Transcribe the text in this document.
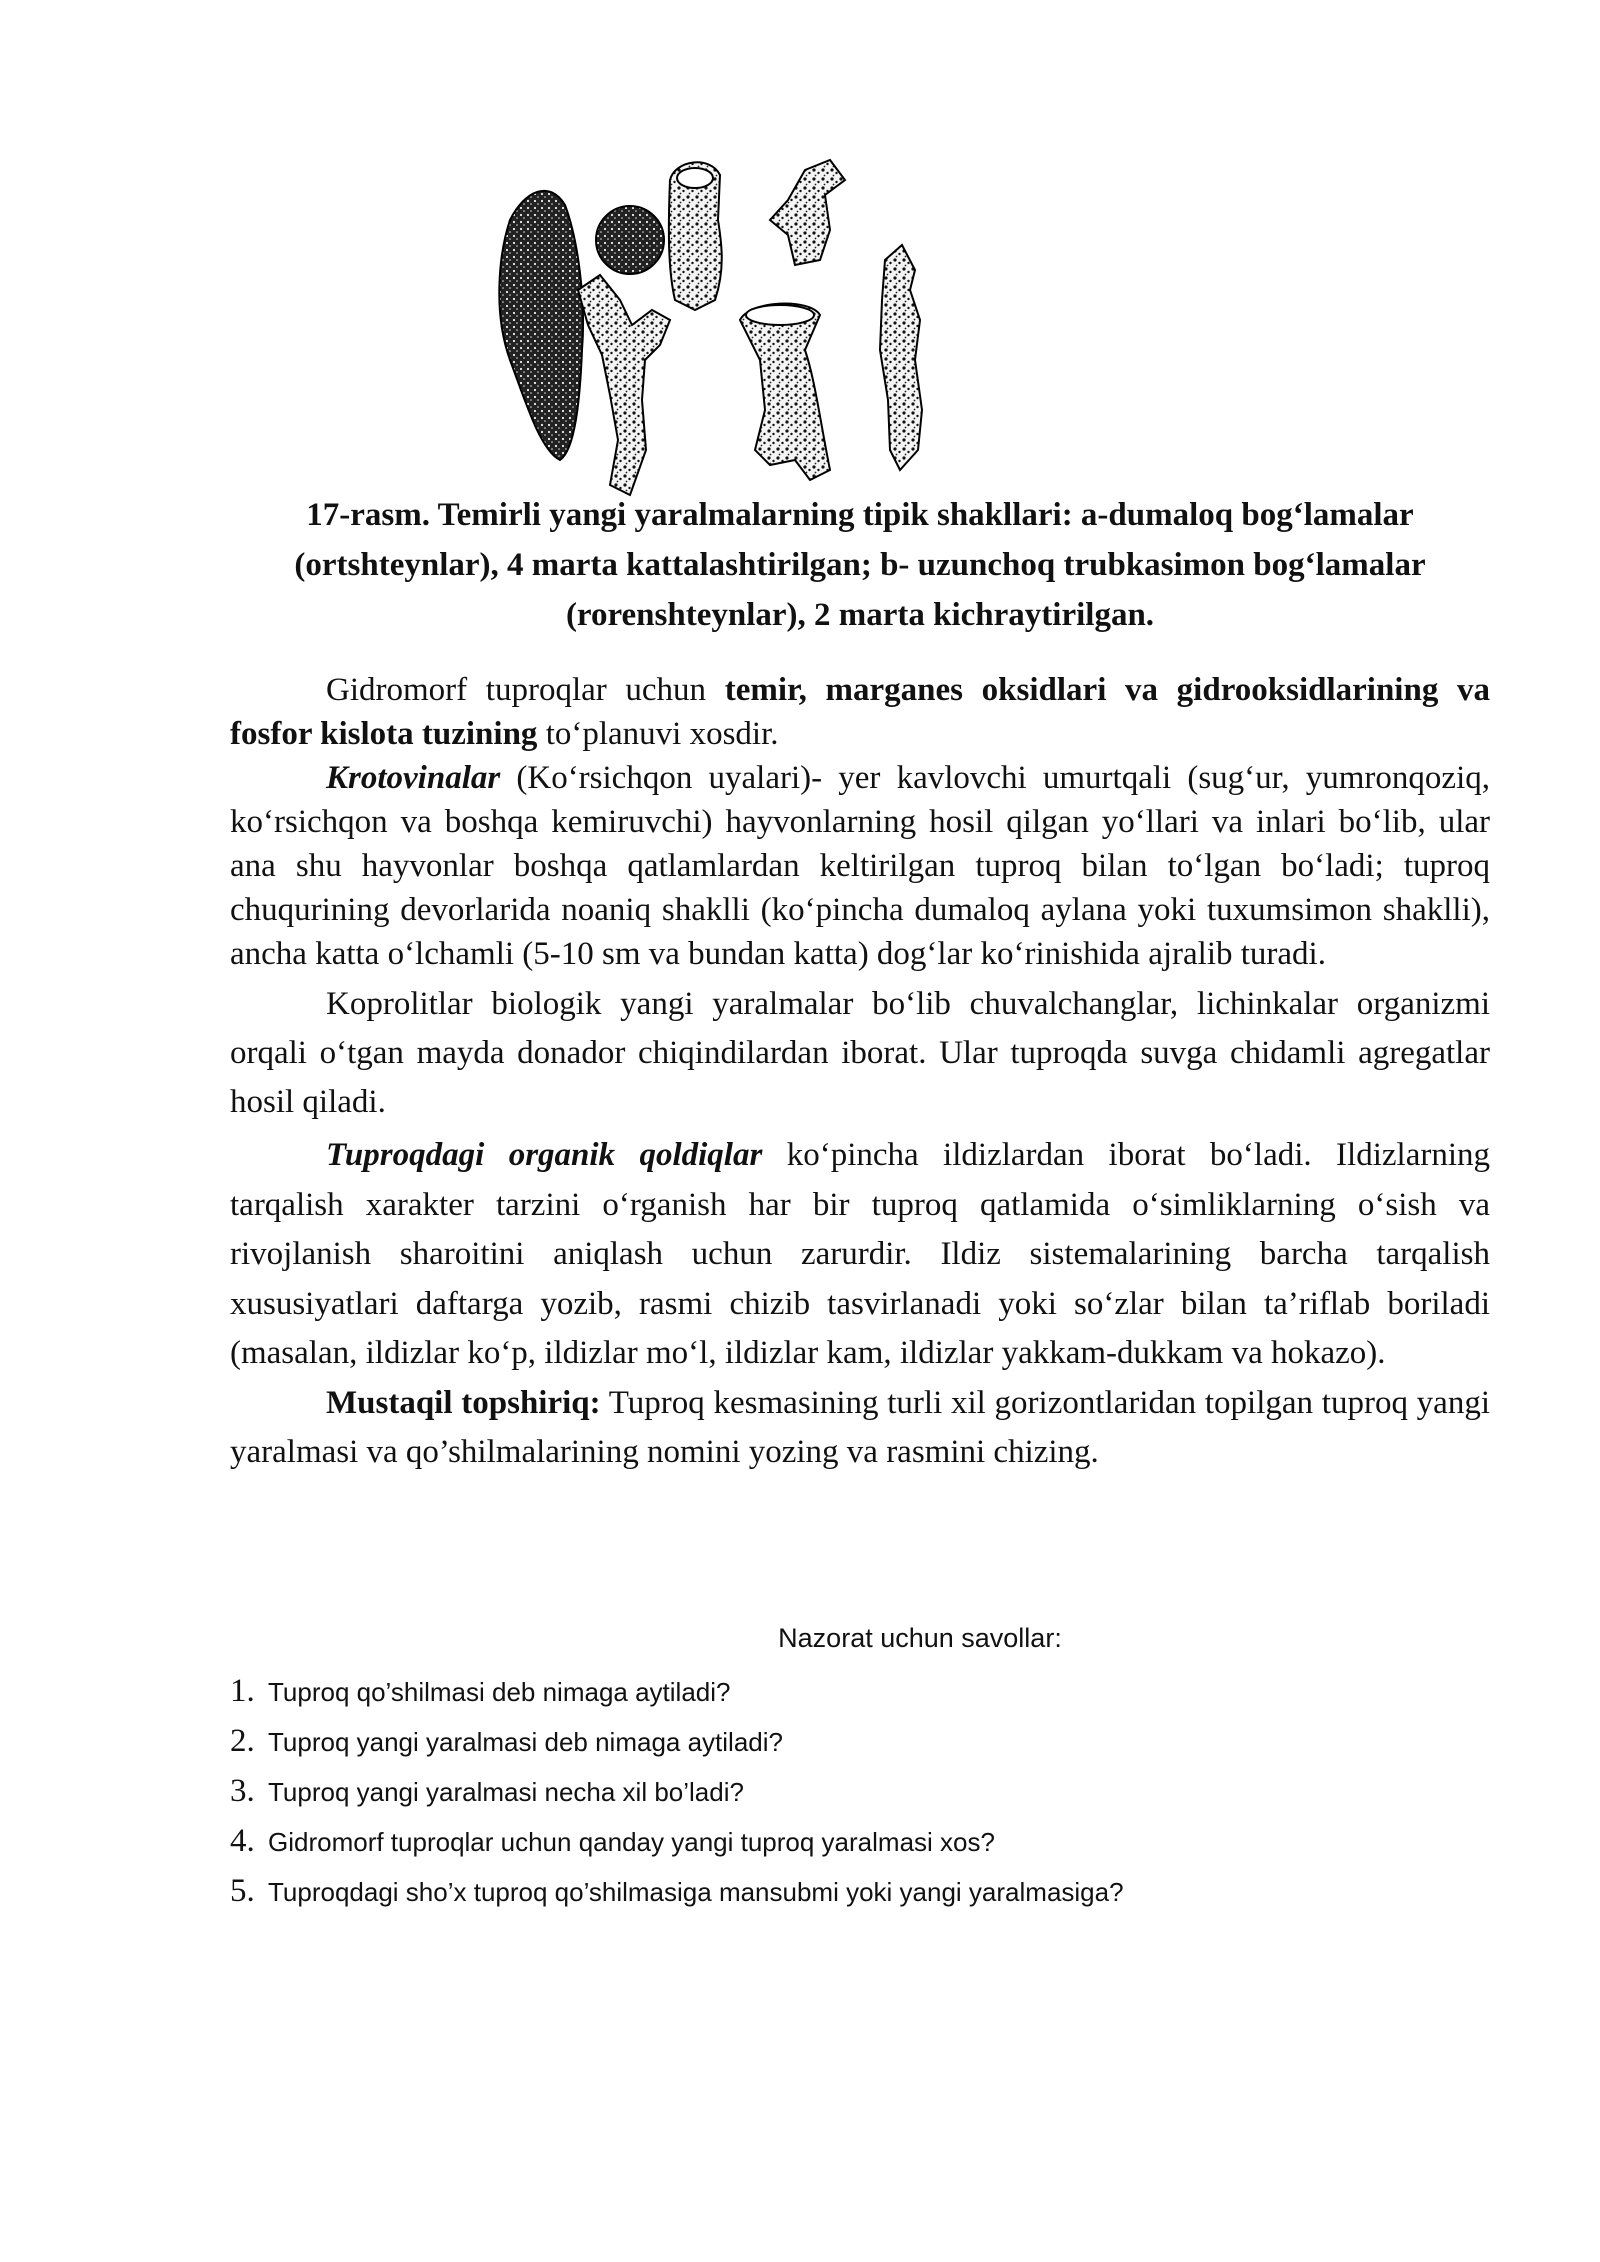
17-rasm. Temirli yangi yaralmalarning tipik shakllari: a-dumaloq bog‘lamalar (ortshteynlar), 4 marta kattalashtirilgan; b- uzunchoq trubkasimon bog‘lamalar (rorenshteynlar), 2 marta kichraytirilgan.

Gidromorf tuproqlar uchun temir, marganes oksidlari va gidrooksidlarining va fosfor kislota tuzining to‘planuvi xosdir.

Krotovinalar (Ko‘rsichqon uyalari)- yer kavlovchi umurtqali (sug‘ur, yumronqoziq, ko‘rsichqon va boshqa kemiruvchi) hayvonlarning hosil qilgan yo‘llari va inlari bo‘lib, ular ana shu hayvonlar boshqa qatlamlardan keltirilgan tuproq bilan to‘lgan bo‘ladi; tuproq chuqurining devorlarida noaniq shaklli (ko‘pincha dumaloq aylana yoki tuxumsimon shaklli), ancha katta o‘lchamli (5-10 sm va bundan katta) dog‘lar ko‘rinishida ajralib turadi.

Koprolitlar biologik yangi yaralmalar bo‘lib chuvalchanglar, lichinkalar organizmi orqali o‘tgan mayda donador chiqindilardan iborat. Ular tuproqda suvga chidamli agregatlar hosil qiladi.

Tuproqdagi organik qoldiqlar ko‘pincha ildizlardan iborat bo‘ladi. Ildizlarning tarqalish xarakter tarzini o‘rganish har bir tuproq qatlamida o‘simliklarning o‘sish va rivojlanish sharoitini aniqlash uchun zarurdir. Ildiz sistemalarining barcha tarqalish xususiyatlari daftarga yozib, rasmi chizib tasvirlanadi yoki so‘zlar bilan ta’riflab boriladi (masalan, ildizlar ko‘p, ildizlar mo‘l, ildizlar kam, ildizlar yakkam-dukkam va hokazo).

Mustaqil topshiriq: Tuproq kesmasining turli xil gorizontlaridan topilgan tuproq yangi yaralmasi va qo’shilmalarining nomini yozing va rasmini chizing.

Nazorat uchun savollar:
1. Tuproq qo’shilmasi deb nimaga aytiladi?
2. Tuproq yangi yaralmasi deb nimaga aytiladi?
3. Tuproq yangi yaralmasi necha xil bo’ladi?
4. Gidromorf tuproqlar uchun qanday yangi tuproq yaralmasi xos?
5. Tuproqdagi sho’x tuproq qo’shilmasiga mansubmi yoki yangi yaralmasiga?
